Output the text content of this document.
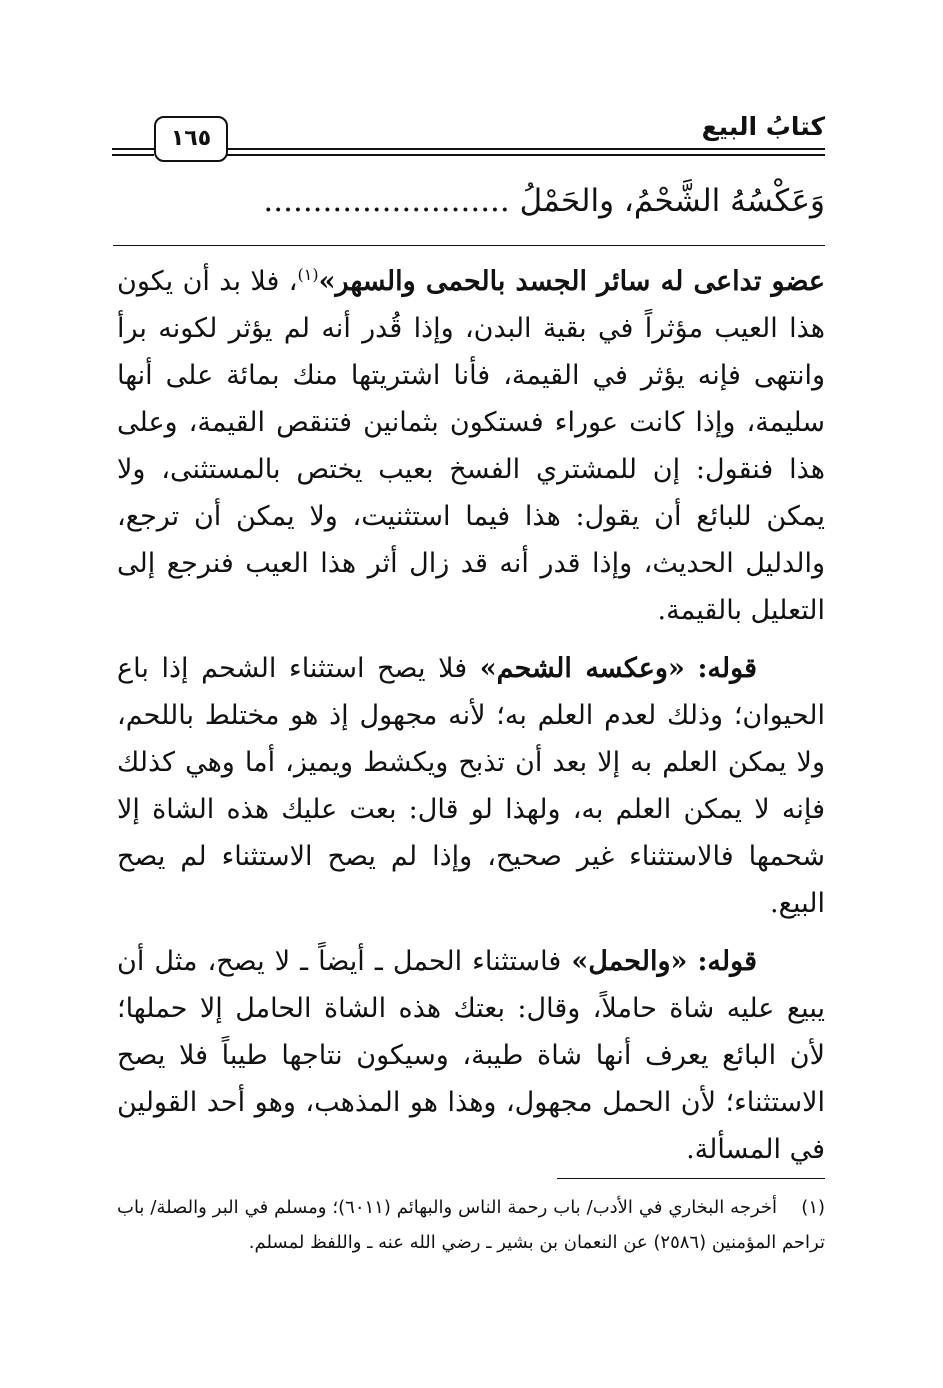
١٦٥	كتابُ البيع
وَعَكْسُهُ الشَّحْمُ، والحَمْلُ .........................

عضو تداعى له سائر الجسد بالحمى والسهر»$^{(١)}$، فلا بد أن يكون هذا العيب مؤثراً في بقية البدن، وإذا قُدر أنه لم يؤثر لكونه برأ وانتهى فإنه يؤثر في القيمة، فأنا اشتريتها منك بمائة على أنها سليمة، وإذا كانت عوراء فستكون بثمانين فتنقص القيمة، وعلى هذا فنقول: إن للمشتري الفسخ بعيب يختص بالمستثنى، ولا يمكن للبائع أن يقول: هذا فيما استثنيت، ولا يمكن أن ترجع، والدليل الحديث، وإذا قدر أنه قد زال أثر هذا العيب فنرجع إلى التعليل بالقيمة.

قوله: «وعكسه الشحم» فلا يصح استثناء الشحم إذا باع الحيوان؛ وذلك لعدم العلم به؛ لأنه مجهول إذ هو مختلط باللحم، ولا يمكن العلم به إلا بعد أن تذبح ويكشط ويميز، أما وهي كذلك فإنه لا يمكن العلم به، ولهذا لو قال: بعت عليك هذه الشاة إلا شحمها فالاستثناء غير صحيح، وإذا لم يصح الاستثناء لم يصح البيع.

قوله: «والحمل» فاستثناء الحمل ـ أيضاً ـ لا يصح، مثل أن يبيع عليه شاة حاملاً، وقال: بعتك هذه الشاة الحامل إلا حملها؛ لأن البائع يعرف أنها شاة طيبة، وسيكون نتاجها طيباً فلا يصح الاستثناء؛ لأن الحمل مجهول، وهذا هو المذهب، وهو أحد القولين في المسألة.

(١)أخرجه البخاري في الأدب/ باب رحمة الناس والبهائم (٦٠١١)؛ ومسلم في البر والصلة/ باب تراحم المؤمنين (٢٥٨٦) عن النعمان بن بشير ـ رضي الله عنه ـ واللفظ لمسلم.
